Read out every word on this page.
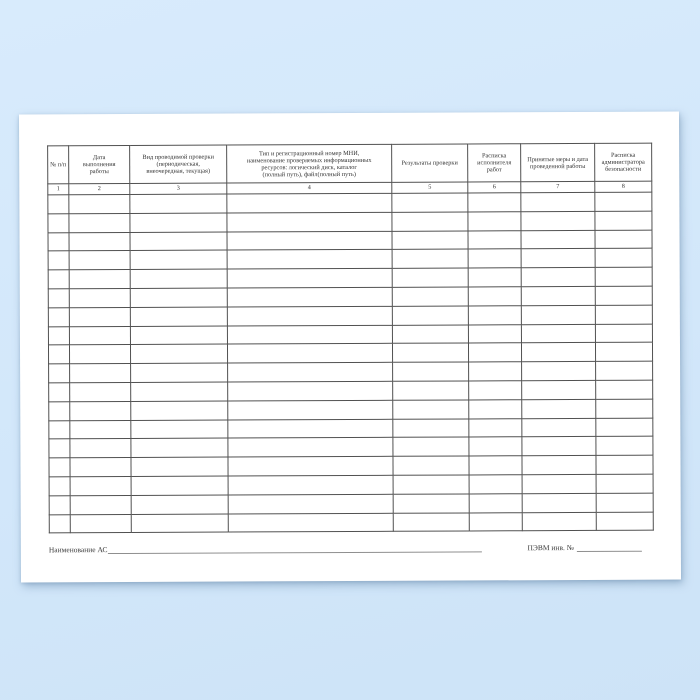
№ п/п	Дата
выполнения
работы	Вид проводимой проверки
(периодическая,
внеочередная, текущая)	Тип и регистрационный номер МНИ,
наименование проверяемых информационных
ресурсов: логический диск, каталог
(полный путь), файл(полный путь)	Результаты проверки	Расписка
исполнителя
работ	Принятые меры и дата
проведенной работы	Расписка
администратора
безопасности
1	2	3	4	5	6	7	8

Наименование АС	ПЭВМ инв. №
